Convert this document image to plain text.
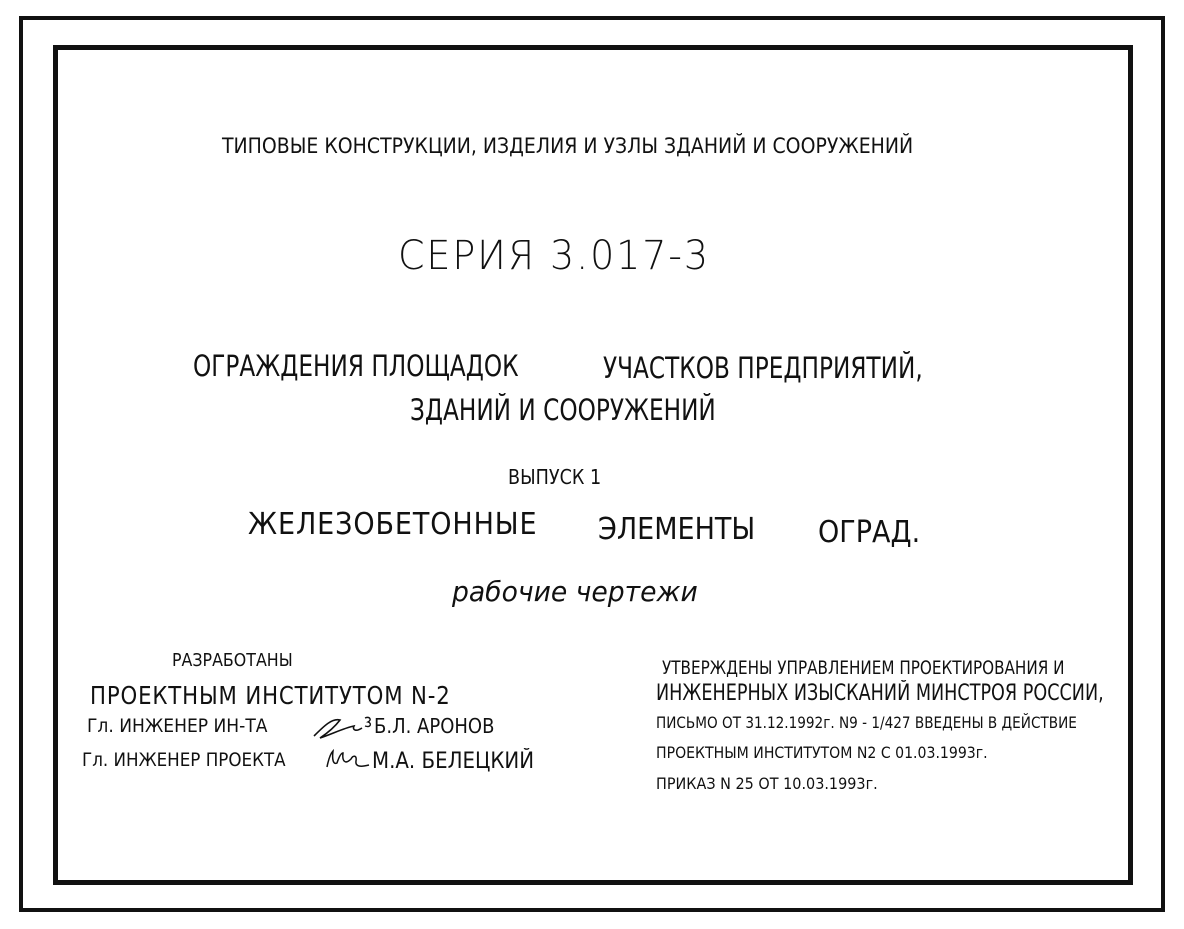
ТИПОВЫЕ КОНСТРУКЦИИ, ИЗДЕЛИЯ И УЗЛЫ ЗДАНИЙ И СООРУЖЕНИЙ
СЕРИЯ 3.017-3
ОГРАЖДЕНИЯ ПЛОЩАДОК	УЧАСТКОВ ПРЕДПРИЯТИЙ,
ЗДАНИЙ И СООРУЖЕНИЙ
ВЫПУСК 1
ЖЕЛЕЗОБЕТОННЫЕ	ЭЛЕМЕНТЫ	ОГРАД.
рабочие чертежи
РАЗРАБОТАНЫ
ПРОЕКТНЫМ ИНСТИТУТОМ N-2
Гл. ИНЖЕНЕР ИН-ТА	Б.Л. АРОНОВ
Гл. ИНЖЕНЕР ПРОЕКТА	М.А. БЕЛЕЦКИЙ
УТВЕРЖДЕНЫ УПРАВЛЕНИЕМ ПРОЕКТИРОВАНИЯ И
ИНЖЕНЕРНЫХ ИЗЫСКАНИЙ МИНСТРОЯ РОССИИ,
ПИСЬМО ОТ 31.12.1992г. N9 - 1/427 ВВЕДЕНЫ В ДЕЙСТВИЕ
ПРОЕКТНЫМ ИНСТИТУТОМ N2 С 01.03.1993г.
ПРИКАЗ N 25 ОТ 10.03.1993г.
